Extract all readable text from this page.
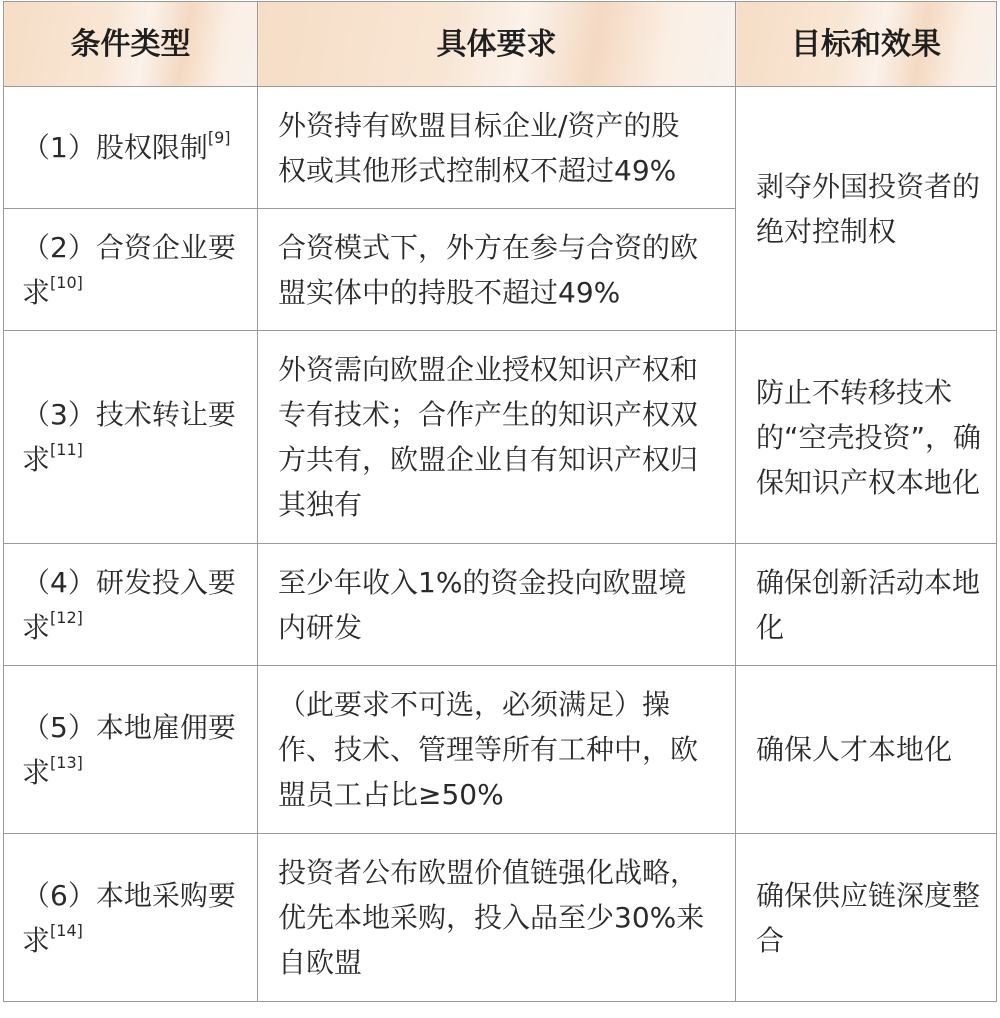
条件类型	具体要求	目标和效果
（1）股权限制[9]	外资持有欧盟目标企业/资产的股权或其他形式控制权不超过49%	剥夺外国投资者的绝对控制权
（2）合资企业要求[10]	合资模式下，外方在参与合资的欧盟实体中的持股不超过49%	
（3）技术转让要求[11]	外资需向欧盟企业授权知识产权和专有技术；合作产生的知识产权双方共有，欧盟企业自有知识产权归其独有	防止不转移技术的“空壳投资”，确保知识产权本地化
（4）研发投入要求[12]	至少年收入1%的资金投向欧盟境内研发	确保创新活动本地化
（5）本地雇佣要求[13]	（此要求不可选，必须满足）操作、技术、管理等所有工种中，欧盟员工占比≥50%	确保人才本地化
（6）本地采购要求[14]	投资者公布欧盟价值链强化战略，优先本地采购，投入品至少30%来自欧盟	确保供应链深度整合
